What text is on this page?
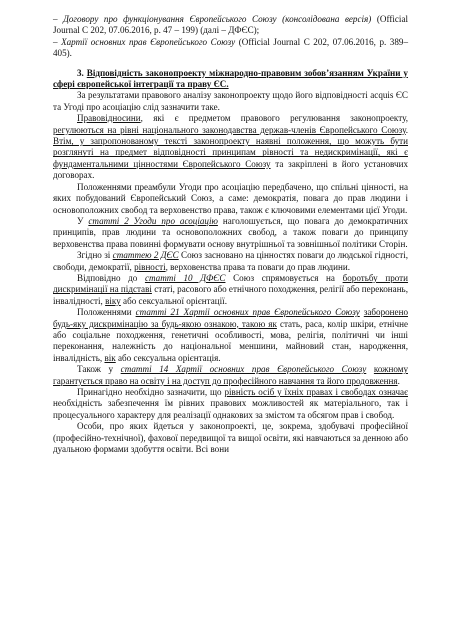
– Договору про функціонування Європейського Союзу (консолідована версія) (Official Journal C 202, 07.06.2016, p. 47 – 199) (далі – ДФЄС);

– Хартії основних прав Європейського Союзу (Official Journal C 202, 07.06.2016, p. 389– 405).

3. Відповідність законопроекту міжнародно-правовим зобов’язанням України у сфері європейської інтеграції та праву ЄС.

За результатами правового аналізу законопроекту щодо його відповідності acquis ЄС та Угоді про асоціацію слід зазначити таке.

Правовідносини, які є предметом правового регулювання законопроекту, регулюються на рівні національного законодавства держав-членів Європейського Союзу. Втім, у запропонованому тексті законопроекту наявні положення, що можуть бути розглянуті на предмет відповідності принципам рівності та недискримінації, які є фундаментальними цінностями Європейського Союзу та закріплені в його установчих договорах.

Положеннями преамбули Угоди про асоціацію передбачено, що спільні цінності, на яких побудований Європейський Союз, а саме: демократія, повага до прав людини і основоположних свобод та верховенство права, також є ключовими елементами цієї Угоди.

У статті 2 Угоди про асоціацію наголошується, що повага до демократичних принципів, прав людини та основоположних свобод, а також поваги до принципу верховенства права повинні формувати основу внутрішньої та зовнішньої політики Сторін.

Згідно зі статтею 2 ДЄС Союз засновано на цінностях поваги до людської гідності, свободи, демократії, рівності, верховенства права та поваги до прав людини.

Відповідно до статті 10 ДФЄС Союз спрямовується на боротьбу проти дискримінації на підставі статі, расового або етнічного походження, релігії або переконань, інвалідності, віку або сексуальної орієнтації.

Положеннями статті 21 Хартії основних прав Європейського Союзу заборонено будь-яку дискримінацію за будь-якою ознакою, такою як стать, раса, колір шкіри, етнічне або соціальне походження, генетичні особливості, мова, релігія, політичні чи інші переконання, належність до національної меншини, майновий стан, народження, інвалідність, вік або сексуальна орієнтація.

Також у статті 14 Хартії основних прав Європейського Союзу кожному гарантується право на освіту і на доступ до професійного навчання та його продовження.

Принагідно необхідно зазначити, що рівність осіб у їхніх правах і свободах означає необхідність забезпечення їм рівних правових можливостей як матеріального, так і процесуального характеру для реалізації однакових за змістом та обсягом прав і свобод.

Особи, про яких йдеться у законопроекті, це, зокрема, здобувачі професійної (професійно-технічної), фахової передвищої та вищої освіти, які навчаються за денною або дуальною формами здобуття освіти. Всі вони
